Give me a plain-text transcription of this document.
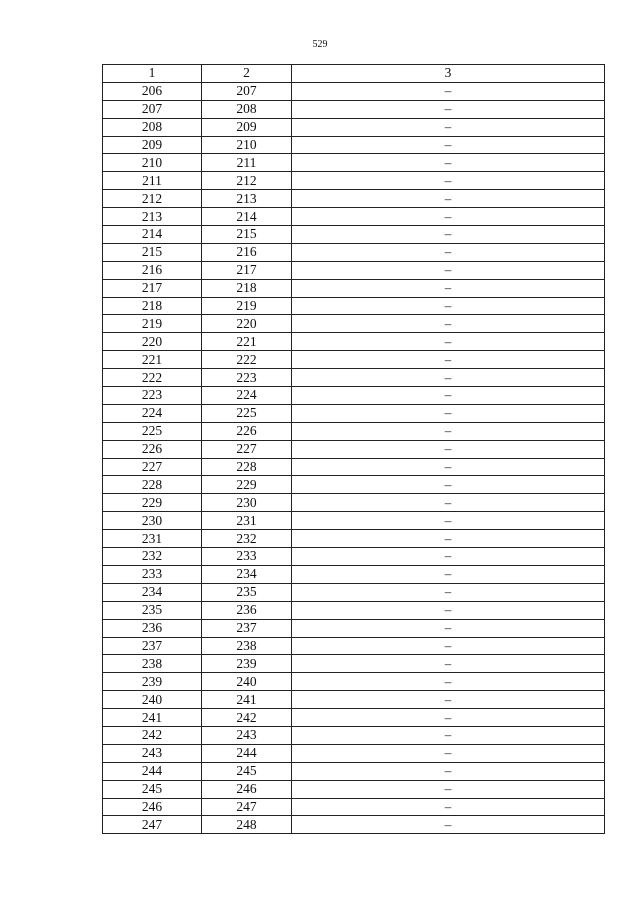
529
1	2	3
206	207	–
207	208	–
208	209	–
209	210	–
210	211	–
211	212	–
212	213	–
213	214	–
214	215	–
215	216	–
216	217	–
217	218	–
218	219	–
219	220	–
220	221	–
221	222	–
222	223	–
223	224	–
224	225	–
225	226	–
226	227	–
227	228	–
228	229	–
229	230	–
230	231	–
231	232	–
232	233	–
233	234	–
234	235	–
235	236	–
236	237	–
237	238	–
238	239	–
239	240	–
240	241	–
241	242	–
242	243	–
243	244	–
244	245	–
245	246	–
246	247	–
247	248	–
